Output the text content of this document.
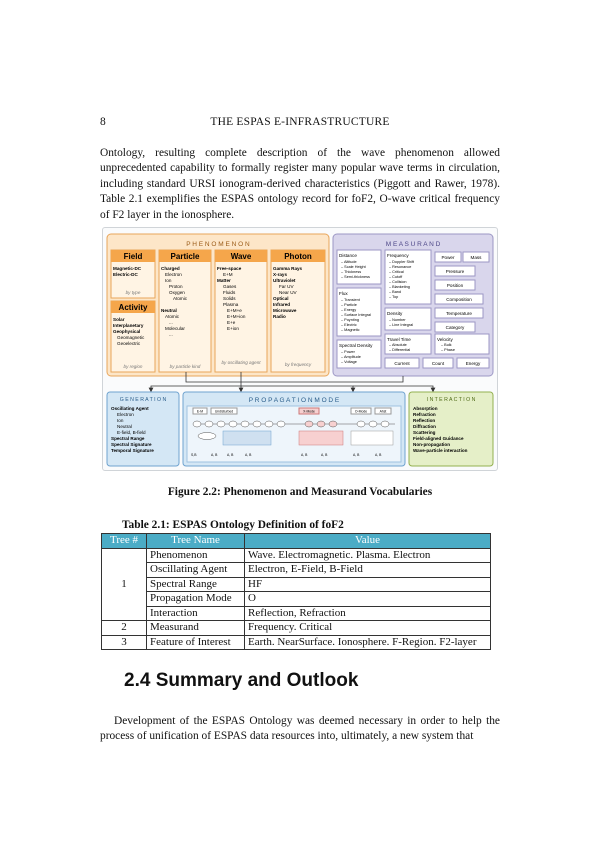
8	THE ESPAS E-INFRASTRUCTURE

Ontology, resulting complete description of the wave phenomenon allowed unprecedented capability to formally register many popular wave terms in circulation, including standard URSI ionogram-derived characteristics (Piggott and Rawer, 1978). Table 2.1 exemplifies the ESPAS ontology record for foF2, O-wave critical frequency of F2 layer in the ionosphere.

P H E N O M E N O N
Field
Magnetic-DC
Electric-DC
by type
Activity
Solar
Interplanetary
Geophysical
Geomagnetic
Geoelectric
by region
Particle
Charged
Electron
Ion
Proton
Oxygen
Atomic
Neutral
Atomic
...
Molecular
...
by particle kind
Wave
Free-space
E+M
Matter
Gases
Fluids
Solids
Plasma
E+M+e
E+M+ion
E+e
E+ion
by oscillating agent
Photon
Gamma Rays
X-rays
Ultraviolet
Far UV
Near UV
Optical
Infrared
Microwave
Radio
by frequency
M E A S U R A N D
Distance
– Altitude
– Scale Height
– Thickness
– Semi-thickness
Flux
– Transient
– Particle
– Energy
– Surface Integral
– Poynting
– Electric
– Magnetic
Spectral Density
– Power
– Amplitude
– Voltage
Frequency
– Doppler Shift
– Resonance
– Critical
– Cutoff
– Collision
– Blanketing
– Band
– Top
Density
– Number
– Line Integral
Travel Time
– Absolute
– Differential
Velocity
– Bulk
– Phase
Power	Mass
Pressure
Position
Composition
Temperature
Category
Current	Count	Energy
G E N E R A T I O N
Oscillating Agent
Electron
Ion
Neutral
E-field, B-field
Spectral Range
Spectral Signature
Temporal Signature
P R O P A G A T I O N M O D E
E-M	Undisturbed	X-Mode	O-Mode	Ahst
S,B	A, B	A, B	A, B	A, B	A, B	A, B	A, B
I N T E R A C T I O N
Absorption
Refraction
Reflection
Diffraction
Scattering
Field-aligned Guidance
Non-propagation
Wave-particle interaction
Figure 2.2: Phenomenon and Measurand Vocabularies
Table 2.1: ESPAS Ontology Definition of foF2
Tree #	Tree Name	Value
1	Phenomenon	Wave. Electromagnetic. Plasma. Electron
	Oscillating Agent	Electron, E-Field, B-Field
	Spectral Range	HF
	Propagation Mode	O
	Interaction	Reflection, Refraction
2	Measurand	Frequency. Critical
3	Feature of Interest	Earth. NearSurface. Ionosphere. F-Region. F2-layer
2.4 Summary and Outlook

Development of the ESPAS Ontology was deemed necessary in order to help the process of unification of ESPAS data resources into, ultimately, a new system that
